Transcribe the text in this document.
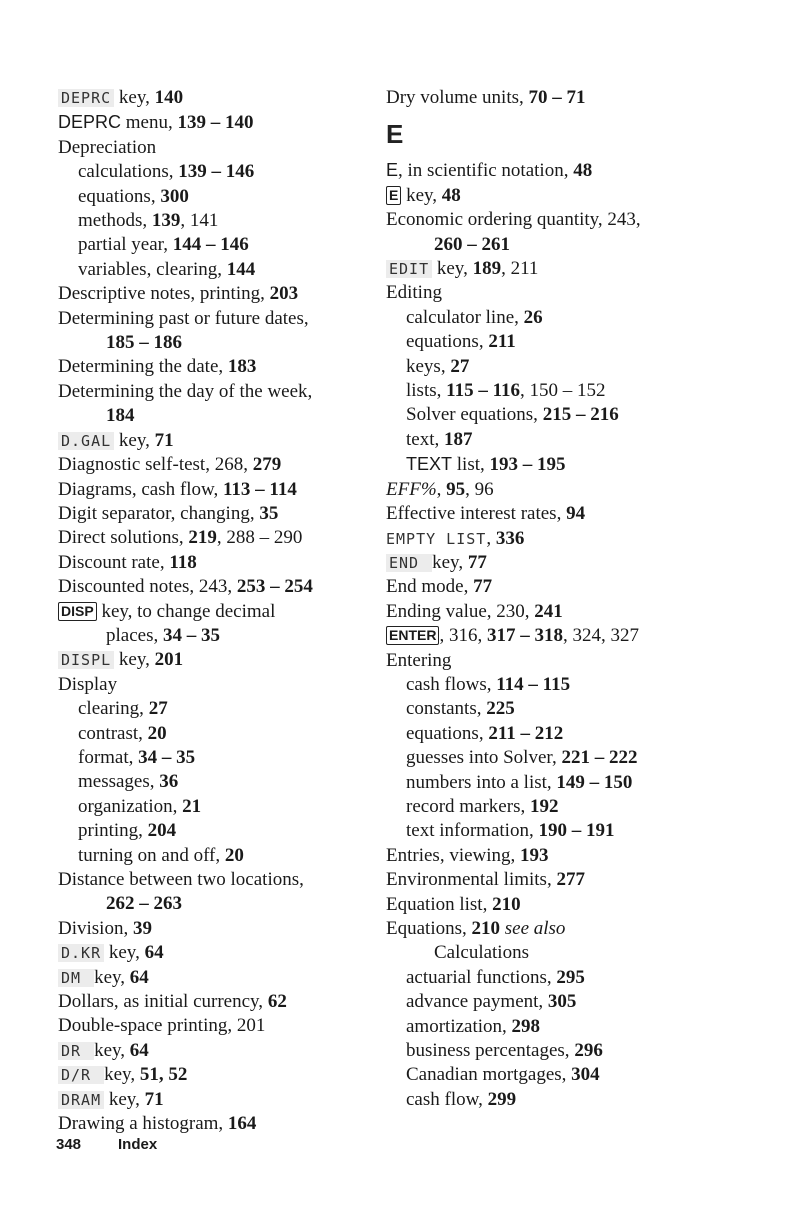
DEPRC key, 140
DEPRC menu, 139 – 140
Depreciation
calculations, 139 – 146
equations, 300
methods, 139, 141
partial year, 144 – 146
variables, clearing, 144
Descriptive notes, printing, 203
Determining past or future dates,
185 – 186
Determining the date, 183
Determining the day of the week,
184
D.GAL key, 71
Diagnostic self-test, 268, 279
Diagrams, cash flow, 113 – 114
Digit separator, changing, 35
Direct solutions, 219, 288 – 290
Discount rate, 118
Discounted notes, 243, 253 – 254
DISP key, to change decimal
places, 34 – 35
DISPL key, 201
Display
clearing, 27
contrast, 20
format, 34 – 35
messages, 36
organization, 21
printing, 204
turning on and off, 20
Distance between two locations,
262 – 263
Division, 39
D.KR key, 64
DM key, 64
Dollars, as initial currency, 62
Double-space printing, 201
DR key, 64
D/R key, 51, 52
DRAM key, 71
Drawing a histogram, 164
Dry volume units, 70 – 71
E
E, in scientific notation, 48
E key, 48
Economic ordering quantity, 243,
260 – 261
EDIT key, 189, 211
Editing
calculator line, 26
equations, 211
keys, 27
lists, 115 – 116, 150 – 152
Solver equations, 215 – 216
text, 187
TEXT list, 193 – 195
EFF%, 95, 96
Effective interest rates, 94
EMPTY LIST, 336
END key, 77
End mode, 77
Ending value, 230, 241
ENTER , 316, 317 – 318, 324, 327
Entering
cash flows, 114 – 115
constants, 225
equations, 211 – 212
guesses into Solver, 221 – 222
numbers into a list, 149 – 150
record markers, 192
text information, 190 – 191
Entries, viewing, 193
Environmental limits, 277
Equation list, 210
Equations, 210 see also
Calculations
actuarial functions, 295
advance payment, 305
amortization, 298
business percentages, 296
Canadian mortgages, 304
cash flow, 299
348 Index
